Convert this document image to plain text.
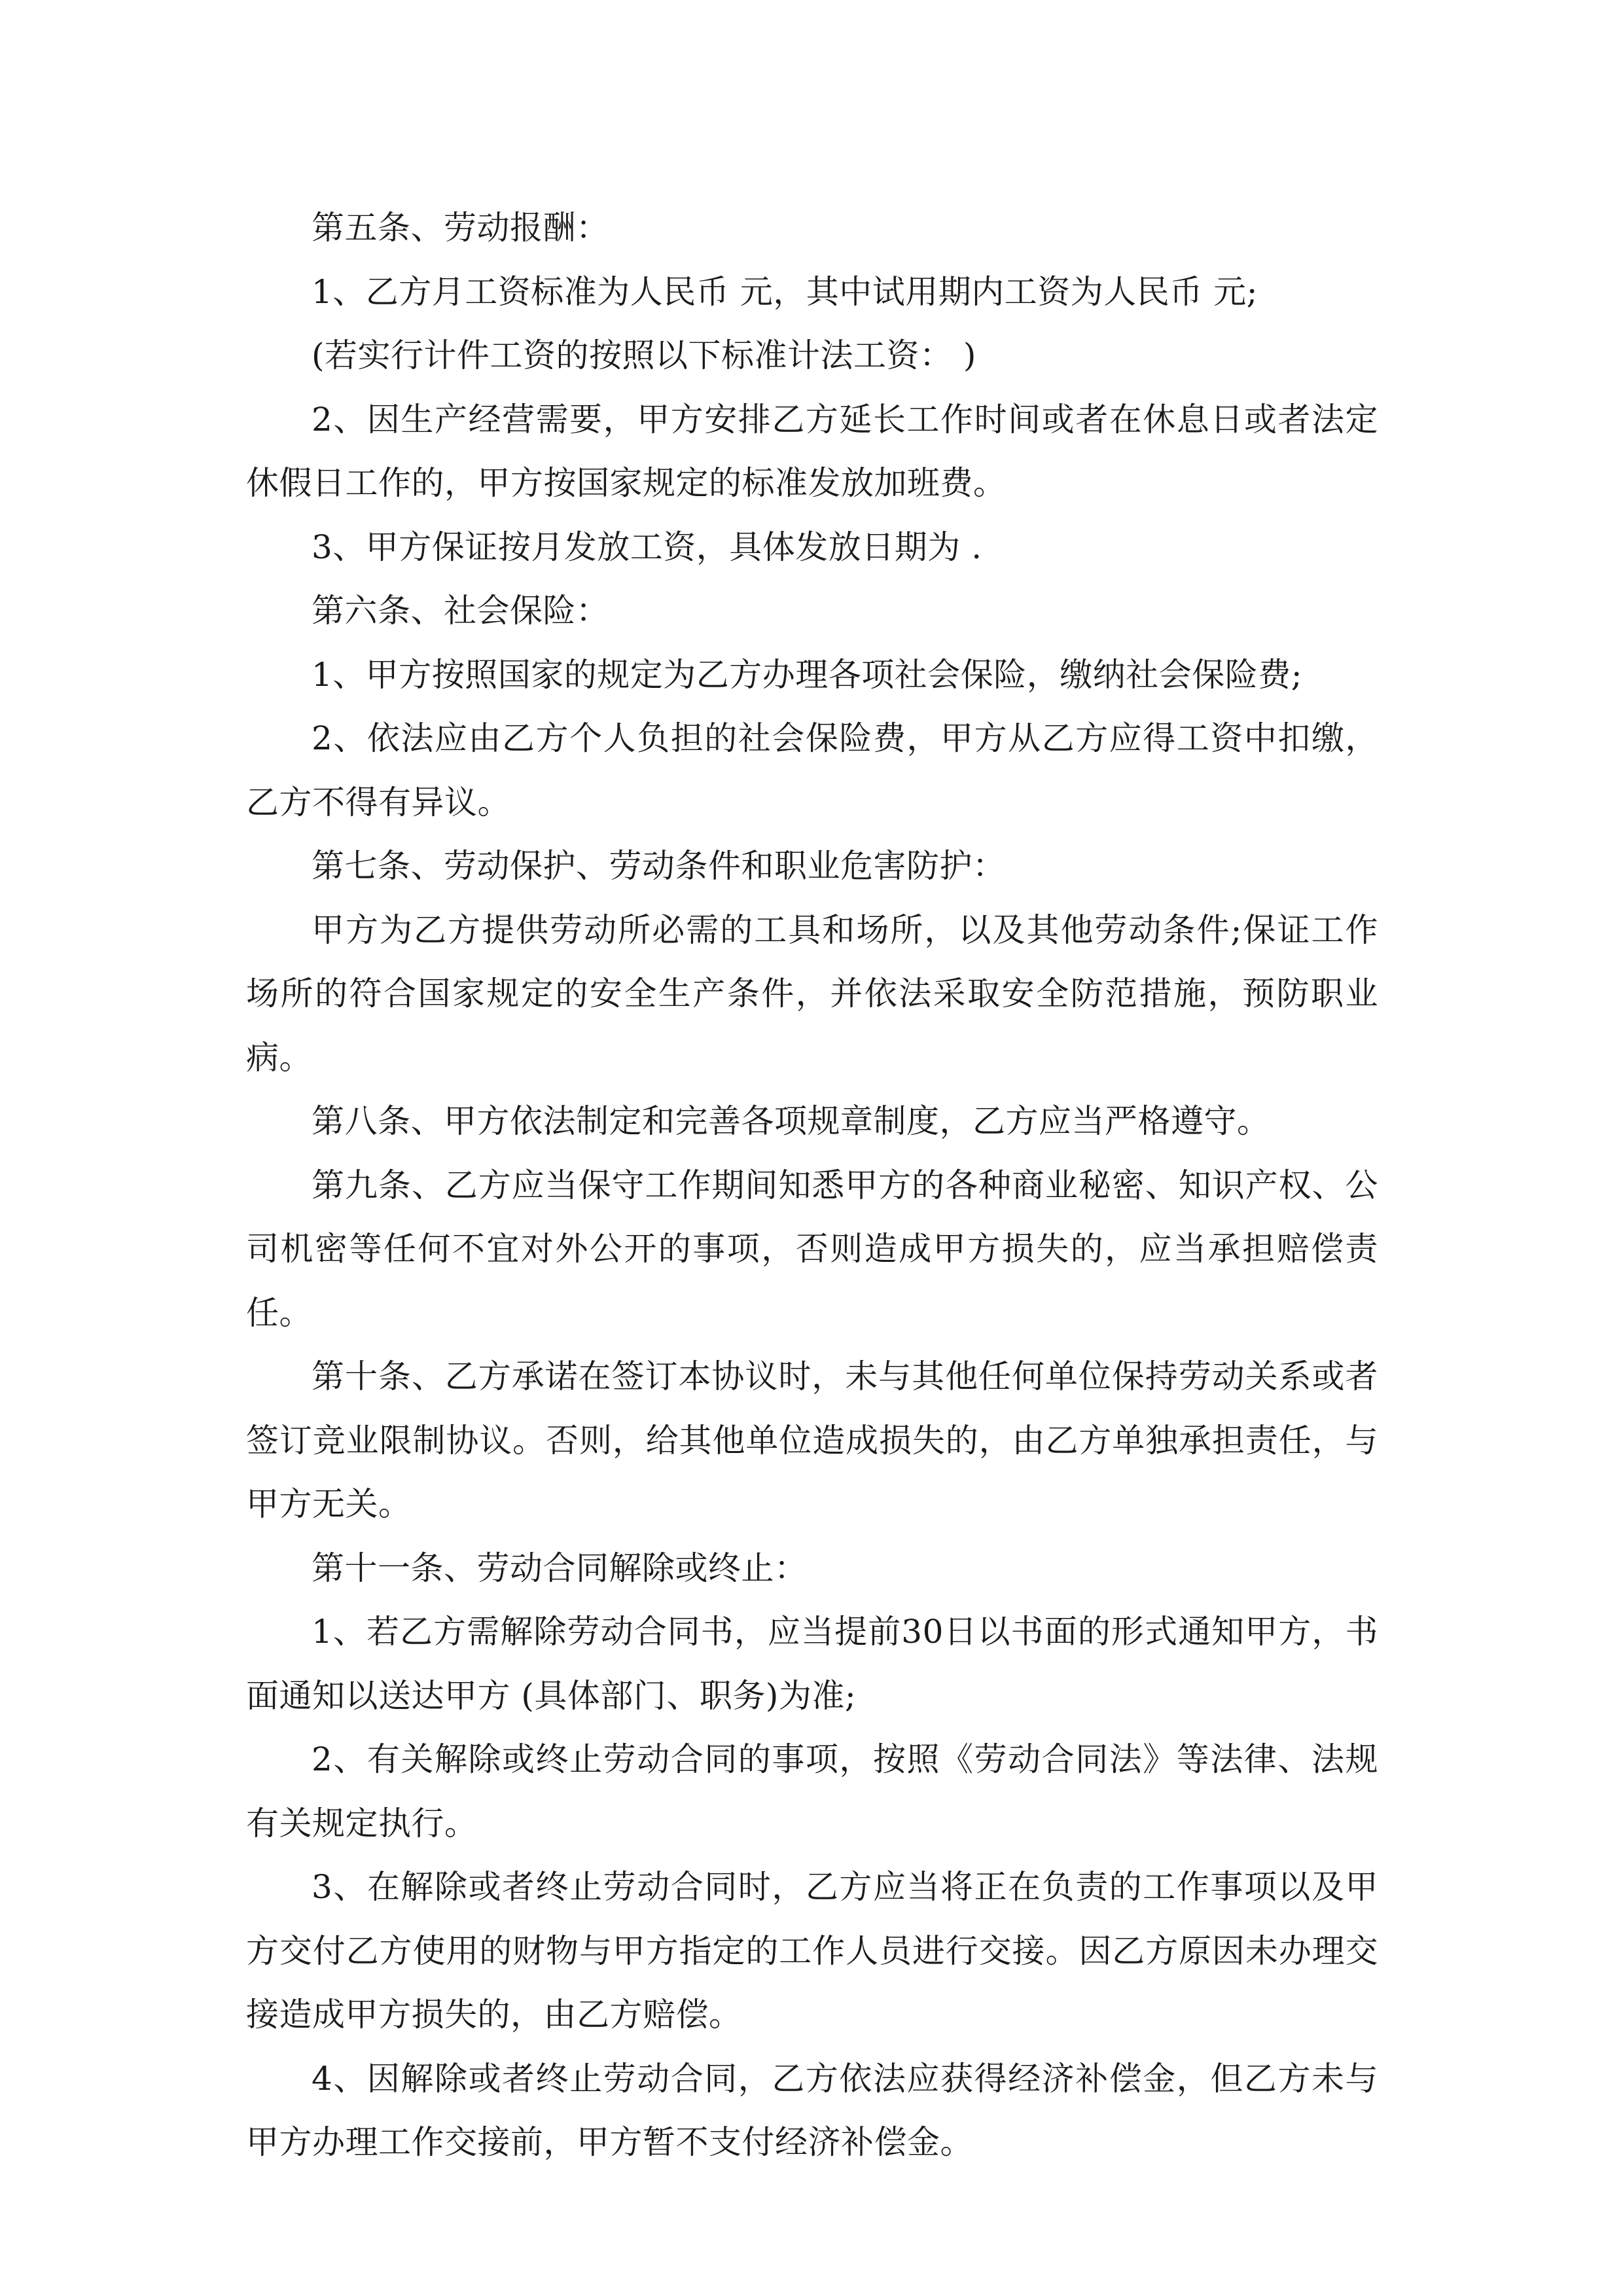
第五条、劳动报酬：

1、乙方月工资标准为人民币 元，其中试用期内工资为人民币 元;

(若实行计件工资的按照以下标准计法工资： )

2、因生产经营需要，甲方安排乙方延长工作时间或者在休息日或者法定休假日工作的，甲方按国家规定的标准发放加班费。

3、甲方保证按月发放工资，具体发放日期为 .

第六条、社会保险：

1、甲方按照国家的规定为乙方办理各项社会保险，缴纳社会保险费;

2、依法应由乙方个人负担的社会保险费，甲方从乙方应得工资中扣缴，乙方不得有异议。

第七条、劳动保护、劳动条件和职业危害防护：

甲方为乙方提供劳动所必需的工具和场所，以及其他劳动条件;保证工作场所的符合国家规定的安全生产条件，并依法采取安全防范措施，预防职业病。

第八条、甲方依法制定和完善各项规章制度，乙方应当严格遵守。

第九条、乙方应当保守工作期间知悉甲方的各种商业秘密、知识产权、公司机密等任何不宜对外公开的事项，否则造成甲方损失的，应当承担赔偿责任。

第十条、乙方承诺在签订本协议时，未与其他任何单位保持劳动关系或者签订竞业限制协议。否则，给其他单位造成损失的，由乙方单独承担责任，与甲方无关。

第十一条、劳动合同解除或终止：

1、若乙方需解除劳动合同书，应当提前30日以书面的形式通知甲方，书面通知以送达甲方 (具体部门、职务)为准;

2、有关解除或终止劳动合同的事项，按照《劳动合同法》等法律、法规有关规定执行。

3、在解除或者终止劳动合同时，乙方应当将正在负责的工作事项以及甲方交付乙方使用的财物与甲方指定的工作人员进行交接。因乙方原因未办理交接造成甲方损失的，由乙方赔偿。

4、因解除或者终止劳动合同，乙方依法应获得经济补偿金，但乙方未与甲方办理工作交接前，甲方暂不支付经济补偿金。
